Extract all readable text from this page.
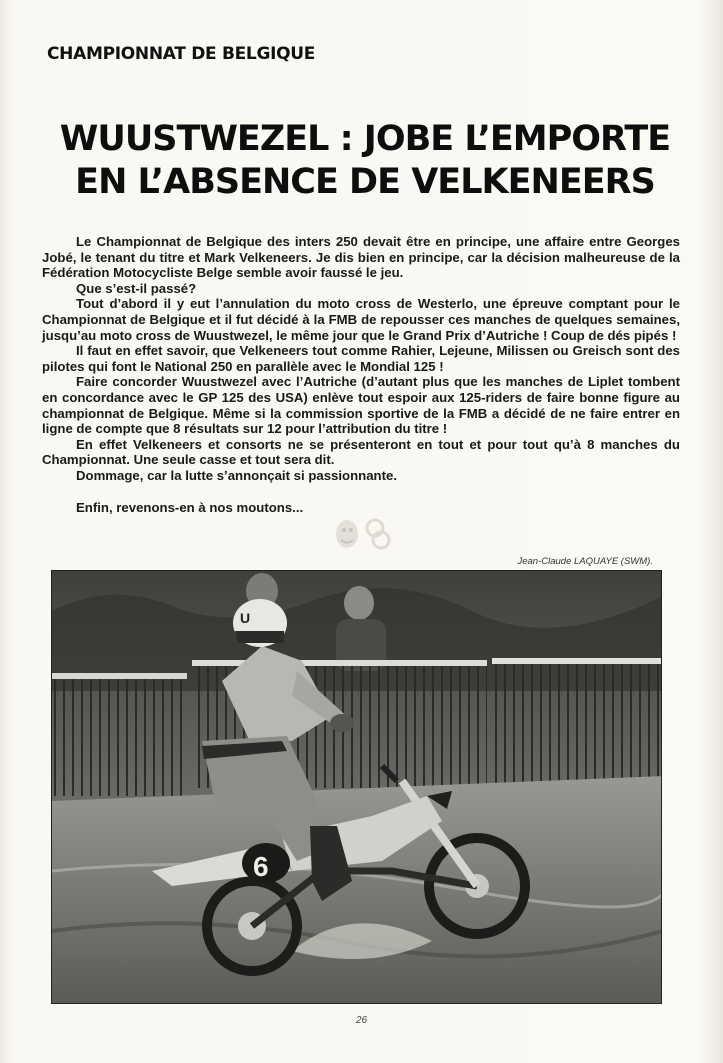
CHAMPIONNAT DE BELGIQUE
WUUSTWEZEL : JOBE L’EMPORTE
EN L’ABSENCE DE VELKENEERS

Le Championnat de Belgique des inters 250 devait être en principe, une affaire entre Georges Jobé, le tenant du titre et Mark Velkeneers. Je dis bien en principe, car la décision malheureuse de la Fédération Motocycliste Belge semble avoir faussé le jeu.

Que s’est-il passé?

Tout d’abord il y eut l’annulation du moto cross de Westerlo, une épreuve comptant pour le Championnat de Belgique et il fut décidé à la FMB de repousser ces manches de quelques semaines, jusqu’au moto cross de Wuustwezel, le même jour que le Grand Prix d’Autriche ! Coup de dés pipés !

Il faut en effet savoir, que Velkeneers tout comme Rahier, Lejeune, Milissen ou Greisch sont des pilotes qui font le National 250 en parallèle avec le Mondial 125 !

Faire concorder Wuustwezel avec l’Autriche (d’autant plus que les manches de Liplet tombent en concordance avec le GP 125 des USA) enlève tout espoir aux 125-riders de faire bonne figure au championnat de Belgique. Même si la commission sportive de la FMB a décidé de ne faire entrer en ligne de compte que 8 résultats sur 12 pour l’attribution du titre !

En effet Velkeneers et consorts ne se présenteront en tout et pour tout qu’à 8 manches du Championnat. Une seule casse et tout sera dit.

Dommage, car la lutte s’annonçait si passionnante.

Enfin, revenons-en à nos moutons...

Jean-Claude LAQUAYE (SWM).
6
U
26
